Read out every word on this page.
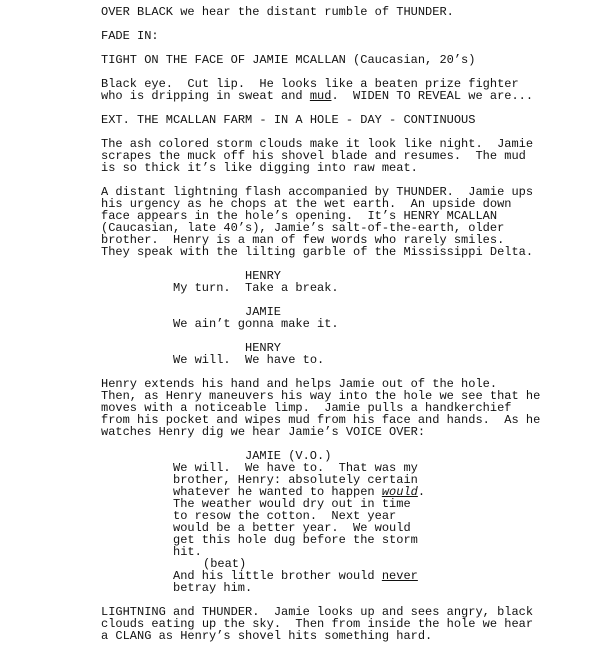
OVER BLACK we hear the distant rumble of THUNDER.
FADE IN:
TIGHT ON THE FACE OF JAMIE MCALLAN (Caucasian, 20’s)
Black eye.  Cut lip.  He looks like a beaten prize fighter
who is dripping in sweat and mud.  WIDEN TO REVEAL we are...
EXT. THE MCALLAN FARM - IN A HOLE - DAY - CONTINUOUS
The ash colored storm clouds make it look like night.  Jamie
scrapes the muck off his shovel blade and resumes.  The mud
is so thick it’s like digging into raw meat.
A distant lightning flash accompanied by THUNDER.  Jamie ups
his urgency as he chops at the wet earth.  An upside down
face appears in the hole’s opening.  It’s HENRY MCALLAN
(Caucasian, late 40’s), Jamie’s salt-of-the-earth, older
brother.  Henry is a man of few words who rarely smiles.
They speak with the lilting garble of the Mississippi Delta.
HENRY
My turn.  Take a break.
JAMIE
We ain’t gonna make it.
HENRY
We will.  We have to.
Henry extends his hand and helps Jamie out of the hole.
Then, as Henry maneuvers his way into the hole we see that he
moves with a noticeable limp.  Jamie pulls a handkerchief
from his pocket and wipes mud from his face and hands.  As he
watches Henry dig we hear Jamie’s VOICE OVER:
JAMIE (V.O.)
We will.  We have to.  That was my
brother, Henry: absolutely certain
whatever he wanted to happen would.
The weather would dry out in time
to resow the cotton.  Next year
would be a better year.  We would
get this hole dug before the storm
hit.
(beat)
And his little brother would never
betray him.
LIGHTNING and THUNDER.  Jamie looks up and sees angry, black
clouds eating up the sky.  Then from inside the hole we hear
a CLANG as Henry’s shovel hits something hard.
